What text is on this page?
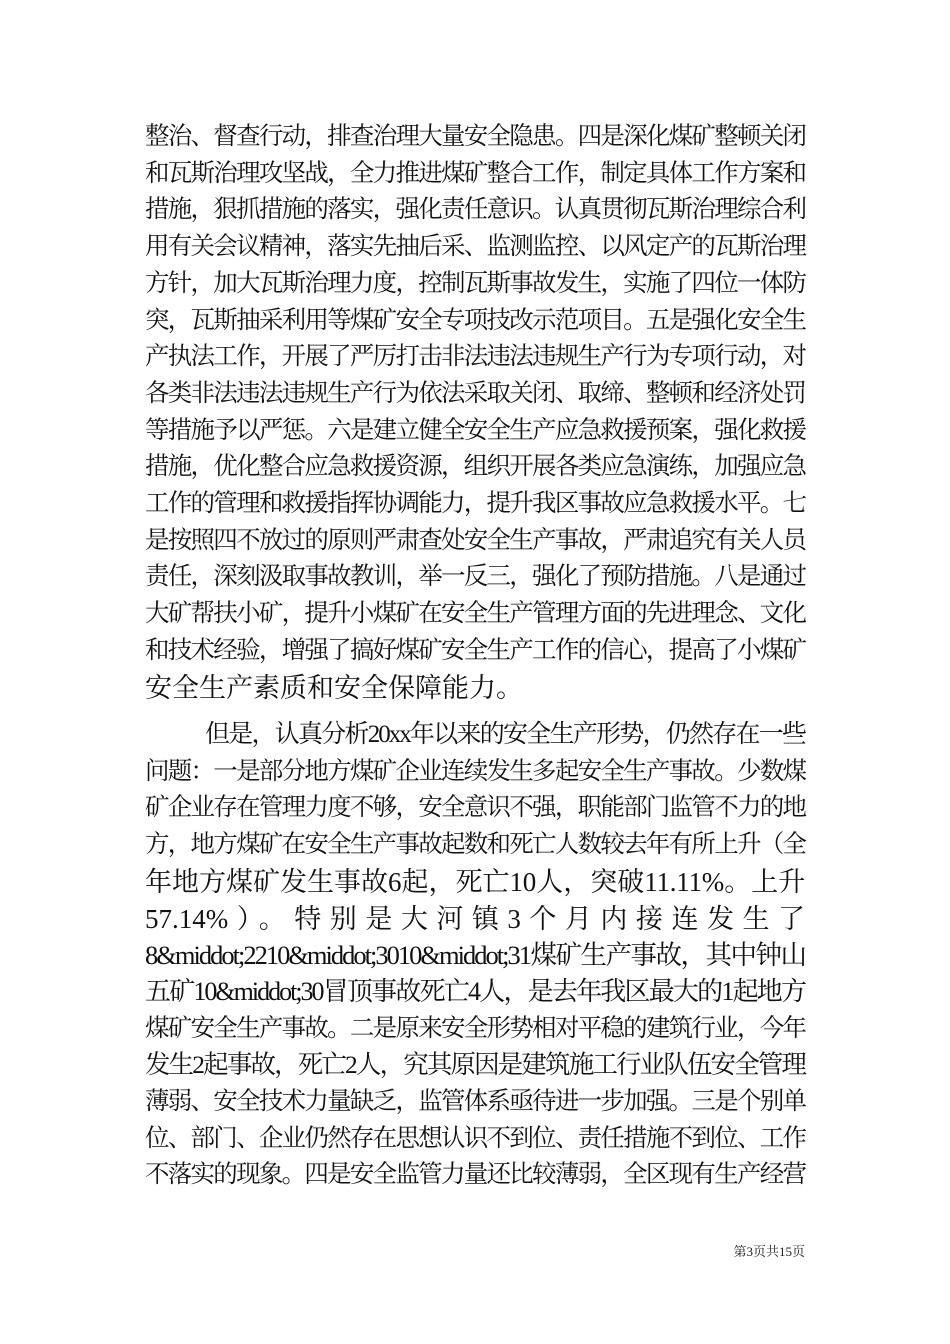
整治、督查行动，排查治理大量安全隐患。四是深化煤矿整顿关闭
和瓦斯治理攻坚战，全力推进煤矿整合工作，制定具体工作方案和
措施，狠抓措施的落实，强化责任意识。认真贯彻瓦斯治理综合利
用有关会议精神，落实先抽后采、监测监控、以风定产的瓦斯治理
方针，加大瓦斯治理力度，控制瓦斯事故发生，实施了四位一体防
突，瓦斯抽采利用等煤矿安全专项技改示范项目。五是强化安全生
产执法工作，开展了严厉打击非法违法违规生产行为专项行动，对
各类非法违法违规生产行为依法采取关闭、取缔、整顿和经济处罚
等措施予以严惩。六是建立健全安全生产应急救援预案，强化救援
措施，优化整合应急救援资源，组织开展各类应急演练，加强应急
工作的管理和救援指挥协调能力，提升我区事故应急救援水平。七
是按照四不放过的原则严肃查处安全生产事故，严肃追究有关人员
责任，深刻汲取事故教训，举一反三，强化了预防措施。八是通过
大矿帮扶小矿，提升小煤矿在安全生产管理方面的先进理念、文化
和技术经验，增强了搞好煤矿安全生产工作的信心，提高了小煤矿
安全生产素质和安全保障能力。
但是，认真分析20xx年以来的安全生产形势，仍然存在一些
问题：一是部分地方煤矿企业连续发生多起安全生产事故。少数煤
矿企业存在管理力度不够，安全意识不强，职能部门监管不力的地
方，地方煤矿在安全生产事故起数和死亡人数较去年有所上升（全
年地方煤矿发生事故6起，死亡10人，突破11.11%。上升
57.14%）。特别是大河镇3个月内接连发生了
8&middot;2210&middot;3010&middot;31煤矿生产事故，其中钟山
五矿10&middot;30冒顶事故死亡4人，是去年我区最大的1起地方
煤矿安全生产事故。二是原来安全形势相对平稳的建筑行业，今年
发生2起事故，死亡2人，究其原因是建筑施工行业队伍安全管理
薄弱、安全技术力量缺乏，监管体系亟待进一步加强。三是个别单
位、部门、企业仍然存在思想认识不到位、责任措施不到位、工作
不落实的现象。四是安全监管力量还比较薄弱，全区现有生产经营
第3页共15页
